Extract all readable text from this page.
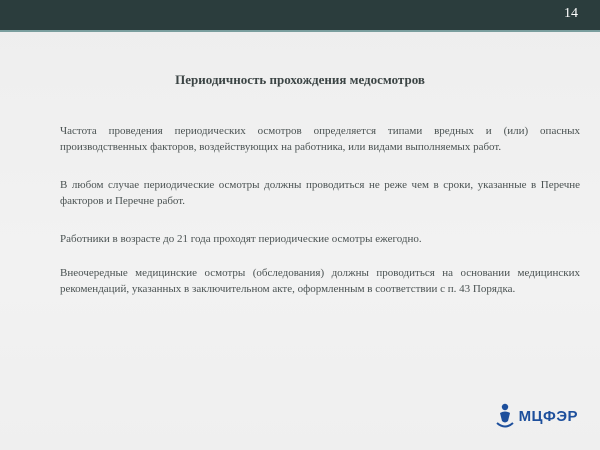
14
Периодичность прохождения медосмотров

Частота проведения периодических осмотров определяется типами вредных и (или) опасных производственных факторов, воздействующих на работника, или видами выполняемых работ.

В любом случае периодические осмотры должны проводиться не реже чем в сроки, указанные в Перечне факторов и Перечне работ.

Работники в возрасте до 21 года проходят периодические осмотры ежегодно.

Внеочередные медицинские осмотры (обследования) должны проводиться на основании медицинских рекомендаций, указанных в заключительном акте, оформленным в соответствии с п. 43 Порядка.

МЦФЭР
